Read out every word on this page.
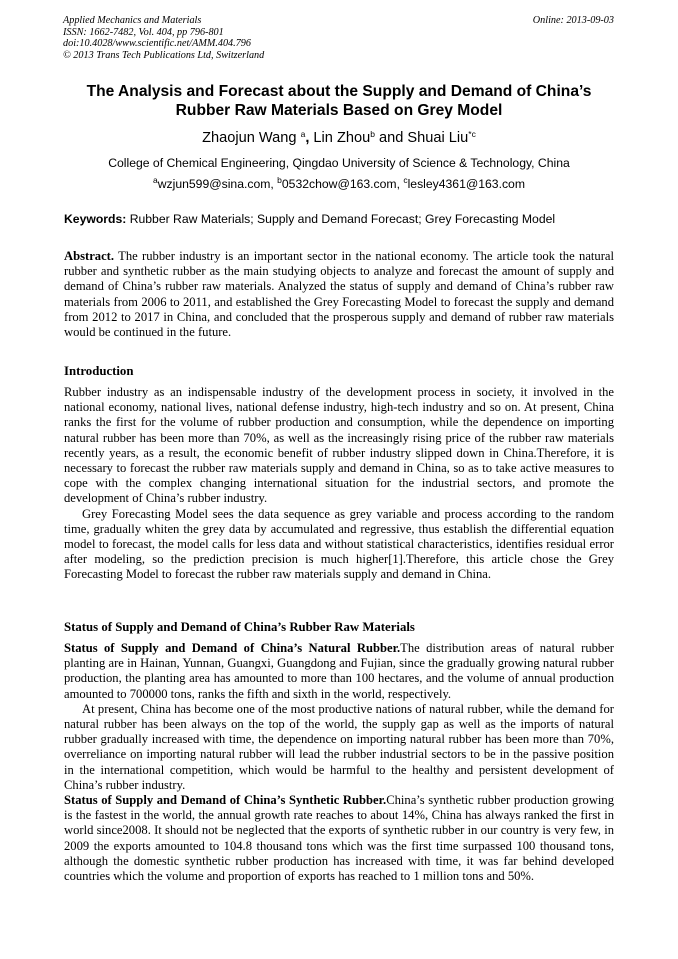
Applied Mechanics and Materials
ISSN: 1662-7482, Vol. 404, pp 796-801
doi:10.4028/www.scientific.net/AMM.404.796
© 2013 Trans Tech Publications Ltd, Switzerland
Online: 2013-09-03
The Analysis and Forecast about the Supply and Demand of China’s
Rubber Raw Materials Based on Grey Model
Zhaojun Wang $^a$, Lin Zhou$^b$ and Shuai Liu$^{*c}$
College of Chemical Engineering, Qingdao University of Science & Technology, China
$^a$wzjun599@sina.com, $^b$0532chow@163.com, $^c$lesley4361@163.com
Keywords: Rubber Raw Materials; Supply and Demand Forecast; Grey Forecasting Model

Abstract. The rubber industry is an important sector in the national economy. The article took the natural rubber and synthetic rubber as the main studying objects to analyze and forecast the amount of supply and demand of China’s rubber raw materials. Analyzed the status of supply and demand of China’s rubber raw materials from 2006 to 2011, and established the Grey Forecasting Model to forecast the supply and demand from 2012 to 2017 in China, and concluded that the prosperous supply and demand of rubber raw materials would be continued in the future.

Introduction

Rubber industry as an indispensable industry of the development process in society, it involved in the national economy, national lives, national defense industry, high-tech industry and so on. At present, China ranks the first for the volume of rubber production and consumption, while the dependence on importing natural rubber has been more than 70%, as well as the increasingly rising price of the rubber raw materials recently years, as a result, the economic benefit of rubber industry slipped down in China.Therefore, it is necessary to forecast the rubber raw materials supply and demand in China, so as to take active measures to cope with the complex changing international situation for the industrial sectors, and promote the development of China’s rubber industry.

Grey Forecasting Model sees the data sequence as grey variable and process according to the random time, gradually whiten the grey data by accumulated and regressive, thus establish the differential equation model to forecast, the model calls for less data and without statistical characteristics, identifies residual error after modeling, so the prediction precision is much higher[1].Therefore, this article chose the Grey Forecasting Model to forecast the rubber raw materials supply and demand in China.

Status of Supply and Demand of China’s Rubber Raw Materials

Status of Supply and Demand of China’s Natural Rubber.The distribution areas of natural rubber planting are in Hainan, Yunnan, Guangxi, Guangdong and Fujian, since the gradually growing natural rubber production, the planting area has amounted to more than 100 hectares, and the volume of annual production amounted to 700000 tons, ranks the fifth and sixth in the world, respectively.

At present, China has become one of the most productive nations of natural rubber, while the demand for natural rubber has been always on the top of the world, the supply gap as well as the imports of natural rubber gradually increased with time, the dependence on importing natural rubber has been more than 70%, overreliance on importing natural rubber will lead the rubber industrial sectors to be in the passive position in the international competition, which would be harmful to the healthy and persistent development of China’s rubber industry.

Status of Supply and Demand of China’s Synthetic Rubber.China’s synthetic rubber production growing is the fastest in the world, the annual growth rate reaches to about 14%, China has always ranked the first in world since2008. It should not be neglected that the exports of synthetic rubber in our country is very few, in 2009 the exports amounted to 104.8 thousand tons which was the first time surpassed 100 thousand tons, although the domestic synthetic rubber production has increased with time, it was far behind developed countries which the volume and proportion of exports has reached to 1 million tons and 50%.
